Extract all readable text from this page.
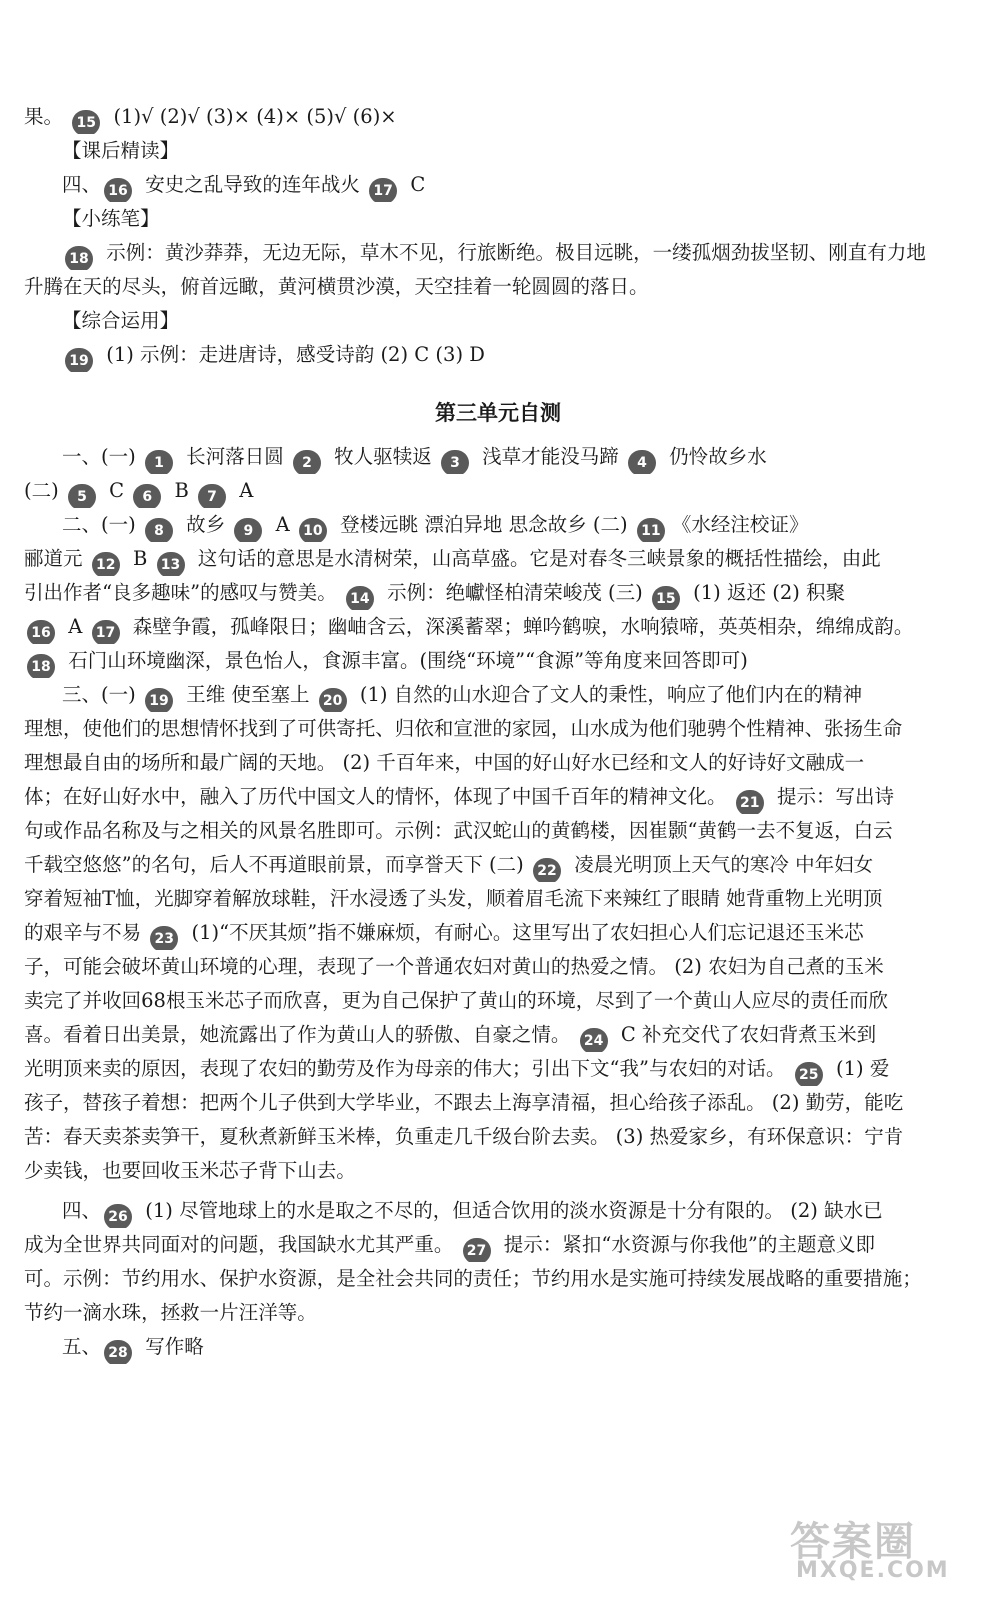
第三单元自测
果。 15 (1)√ (2)√ (3)× (4)× (5)√ (6)×
【课后精读】
四、 16 安史之乱导致的连年战火 17 C
【小练笔】
18 示例：黄沙莽莽，无边无际，草木不见，行旅断绝。极目远眺，一缕孤烟劲拔坚韧、刚直有力地
升腾在天的尽头，俯首远瞰，黄河横贯沙漠，天空挂着一轮圆圆的落日。
【综合运用】
19 (1) 示例：走进唐诗，感受诗韵 (2) C (3) D
一、(一) 1 长河落日圆 2 牧人驱犊返 3 浅草才能没马蹄 4 仍怜故乡水
(二) 5 C 6 B 7 A
二、(一) 8 故乡 9 A 10 登楼远眺 漂泊异地 思念故乡 (二) 11 《水经注校证》
郦道元 12 B 13 这句话的意思是水清树荣，山高草盛。它是对春冬三峡景象的概括性描绘，由此
引出作者“良多趣味”的感叹与赞美。 14 示例：绝巘怪柏清荣峻茂 (三) 15 (1) 返还 (2) 积聚
16 A 17 森壁争霞，孤峰限日；幽岫含云，深溪蓄翠；蝉吟鹤唳，水响猿啼，英英相杂，绵绵成韵。
18 石门山环境幽深，景色怡人，食源丰富。(围绕“环境”“食源”等角度来回答即可)
三、(一) 19 王维 使至塞上 20 (1) 自然的山水迎合了文人的秉性，响应了他们内在的精神
理想，使他们的思想情怀找到了可供寄托、归依和宣泄的家园，山水成为他们驰骋个性精神、张扬生命
理想最自由的场所和最广阔的天地。 (2) 千百年来，中国的好山好水已经和文人的好诗好文融成一
体；在好山好水中，融入了历代中国文人的情怀，体现了中国千百年的精神文化。 21 提示：写出诗
句或作品名称及与之相关的风景名胜即可。示例：武汉蛇山的黄鹤楼，因崔颢“黄鹤一去不复返，白云
千载空悠悠”的名句，后人不再道眼前景，而享誉天下 (二) 22 凌晨光明顶上天气的寒冷 中年妇女
穿着短袖T恤，光脚穿着解放球鞋，汗水浸透了头发，顺着眉毛流下来辣红了眼睛 她背重物上光明顶
的艰辛与不易 23 (1)“不厌其烦”指不嫌麻烦，有耐心。这里写出了农妇担心人们忘记退还玉米芯
子，可能会破坏黄山环境的心理，表现了一个普通农妇对黄山的热爱之情。 (2) 农妇为自己煮的玉米
卖完了并收回68根玉米芯子而欣喜，更为自己保护了黄山的环境，尽到了一个黄山人应尽的责任而欣
喜。看着日出美景，她流露出了作为黄山人的骄傲、自豪之情。 24 C 补充交代了农妇背煮玉米到
光明顶来卖的原因，表现了农妇的勤劳及作为母亲的伟大；引出下文“我”与农妇的对话。 25 (1) 爱
孩子，替孩子着想：把两个儿子供到大学毕业，不跟去上海享清福，担心给孩子添乱。 (2) 勤劳，能吃
苦：春天卖茶卖笋干，夏秋煮新鲜玉米棒，负重走几千级台阶去卖。 (3) 热爱家乡，有环保意识：宁肯
少卖钱，也要回收玉米芯子背下山去。
四、 26 (1) 尽管地球上的水是取之不尽的，但适合饮用的淡水资源是十分有限的。 (2) 缺水已
成为全世界共同面对的问题，我国缺水尤其严重。 27 提示：紧扣“水资源与你我他”的主题意义即
可。示例：节约用水、保护水资源，是全社会共同的责任；节约用水是实施可持续发展战略的重要措施；
节约一滴水珠，拯救一片汪洋等。
五、 28 写作略
答案圈
MXQE.COM
